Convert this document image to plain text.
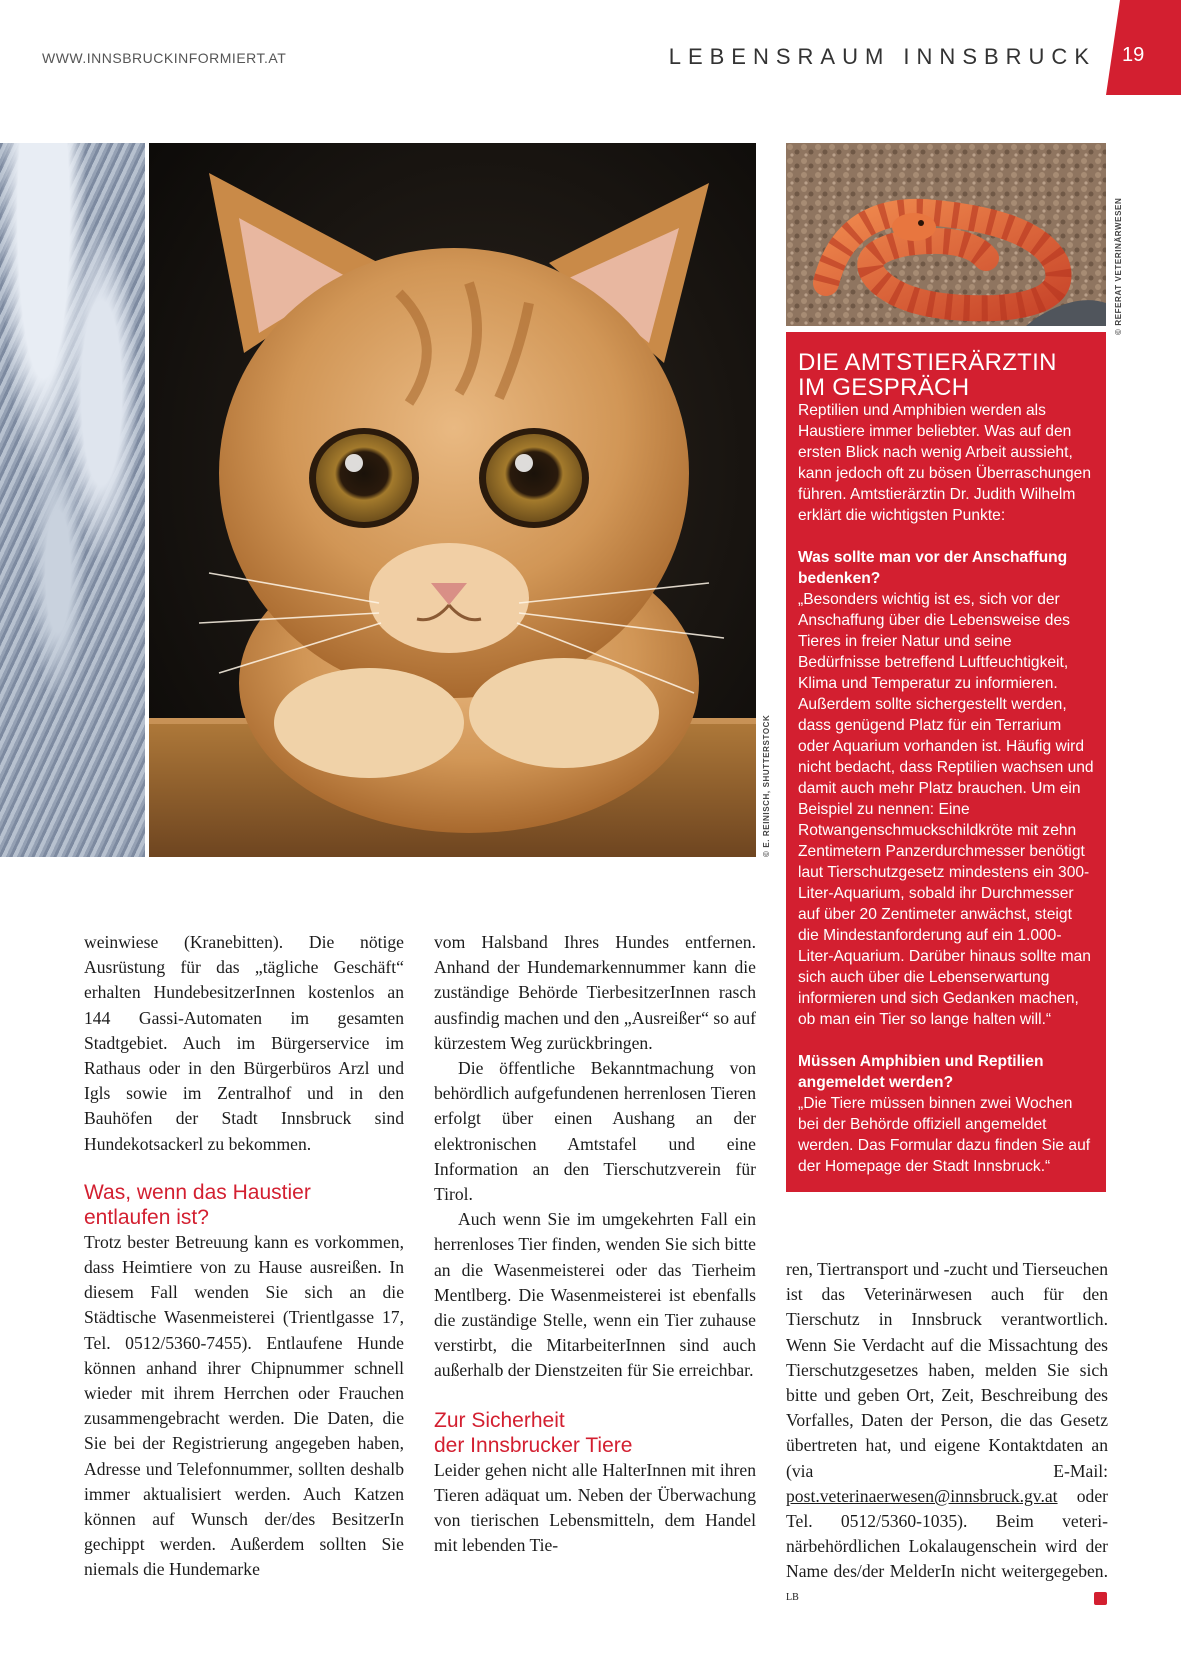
WWW.INNSBRUCKINFORMIERT.AT	LEBENSRAUM INNSBRUCK 19
© E. REINISCH, SHUTTERSTOCK
© REFERAT VETERINÄRWESEN
DIE AMTSTIERÄRZTIN
IM GESPRÄCH

Reptilien und Amphibien werden als Haustiere immer beliebter. Was auf den ersten Blick nach wenig Arbeit aussieht, kann jedoch oft zu bösen Überraschungen führen. Amtstierärztin Dr. Judith Wilhelm erklärt die wichtigsten Punkte:

Was sollte man vor der Anschaffung bedenken?

„Besonders wichtig ist es, sich vor der Anschaffung über die Lebensweise des Tieres in freier Natur und seine Bedürfnisse betreffend Luftfeuchtigkeit, Klima und Temperatur zu informieren. Außerdem sollte sichergestellt werden, dass genügend Platz für ein Terrarium oder Aquarium vorhanden ist. Häufig wird nicht bedacht, dass Reptilien wachsen und damit auch mehr Platz brauchen. Um ein Beispiel zu nennen: Eine Rotwangenschmuckschildkröte mit zehn Zentimetern Panzerdurchmesser benötigt laut Tierschutzgesetz mindestens ein 300-Liter-Aquarium, sobald ihr Durchmesser auf über 20 Zentimeter anwächst, steigt die Mindestanforderung auf ein 1.000-Liter-Aquarium. Darüber hinaus sollte man sich auch über die Lebenserwartung informieren und sich Gedanken machen, ob man ein Tier so lange halten will.“

Müssen Amphibien und Reptilien angemeldet werden?

„Die Tiere müssen binnen zwei Wochen bei der Behörde offiziell angemeldet werden. Das Formular dazu finden Sie auf der Homepage der Stadt Innsbruck.“

weinwiese (Kranebitten). Die nötige Ausrüstung für das „tägliche Geschäft“ erhalten HundebesitzerInnen kostenlos an 144 Gassi-Automaten im gesamten Stadtgebiet. Auch im Bürgerservice im Rathaus oder in den Bürgerbüros Arzl und Igls sowie im Zentralhof und in den Bauhöfen der Stadt Innsbruck sind Hundekotsackerl zu bekommen.

Was, wenn das Haustier
entlaufen ist?

Trotz bester Betreuung kann es vorkommen, dass Heimtiere von zu Hause ausreißen. In diesem Fall wenden Sie sich an die Städtische Wasenmeisterei (Trientlgasse 17, Tel. 0512/5360-7455). Entlaufene Hunde können anhand ihrer Chipnummer schnell wieder mit ihrem Herrchen oder Frauchen zusammengebracht werden. Die Daten, die Sie bei der Registrierung angegeben haben, Adresse und Telefonnummer, sollten deshalb immer aktualisiert werden. Auch Katzen können auf Wunsch der/des BesitzerIn gechippt werden. Außerdem sollten Sie niemals die Hundemarke

vom Halsband Ihres Hundes entfernen. Anhand der Hundemarkennummer kann die zuständige Behörde TierbesitzerInnen rasch ausfindig machen und den „Ausreißer“ so auf kürzestem Weg zurückbringen.

Die öffentliche Bekanntmachung von behördlich aufgefundenen herrenlosen Tieren erfolgt über einen Aushang an der elektronischen Amtstafel und eine Information an den Tierschutzverein für Tirol.

Auch wenn Sie im umgekehrten Fall ein herrenloses Tier finden, wenden Sie sich bitte an die Wasenmeisterei oder das Tierheim Mentlberg. Die Wasenmeisterei ist ebenfalls die zuständige Stelle, wenn ein Tier zuhause verstirbt, die MitarbeiterInnen sind auch außerhalb der Dienstzeiten für Sie erreichbar.

Zur Sicherheit
der Innsbrucker Tiere

Leider gehen nicht alle HalterInnen mit ihren Tieren adäquat um. Neben der Überwachung von tierischen Lebensmitteln, dem Handel mit lebenden Tie-

ren, Tiertransport und -zucht und Tierseuchen ist das Veterinärwesen auch für den Tierschutz in Innsbruck verantwortlich. Wenn Sie Verdacht auf die Missachtung des Tierschutzgesetzes haben, melden Sie sich bitte und geben Ort, Zeit, Beschreibung des Vorfalles, Daten der Person, die das Gesetz übertreten hat, und eigene Kontaktdaten an (via E-Mail: post.veterinaerwesen@innsbruck.gv.at oder Tel. 0512/5360-1035). Beim veterinärbehördlichen Lokalaugenschein wird der Name des/der MelderIn nicht weitergegeben. $^{LB}$
